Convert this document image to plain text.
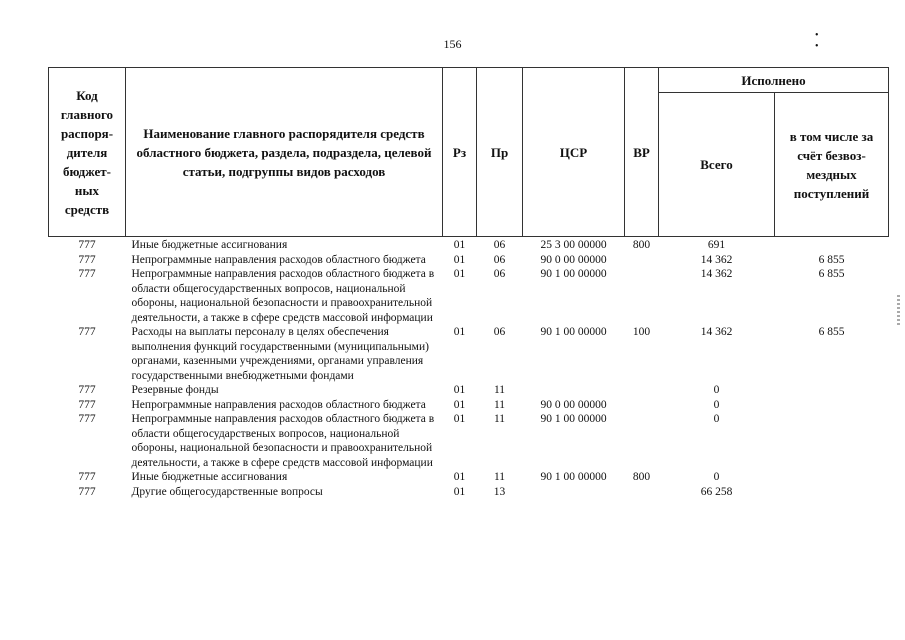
156
• •
Код главного распоря-дителя бюджет-ных средств	Наименование главного распорядителя средств областного бюджета, раздела, подраздела, целевой статьи, подгруппы видов расходов	Рз	Пр	ЦСР	ВР	Исполнено	
						Всего	в том числе за счёт безвоз-мездных поступлений
777	Иные бюджетные ассигнования	01	06	25 3 00 00000	800	691	
777	Непрограммные направления расходов областного бюджета	01	06	90 0 00 00000		14 362	6 855
777	Непрограммные направления расходов областного бюджета в области общегосударственных вопросов, национальной обороны, национальной безопасности и правоохранительной деятельности, а также в сфере средств массовой информации	01	06	90 1 00 00000		14 362	6 855
777	Расходы на выплаты персоналу в целях обеспечения выполнения функций государственными (муниципальными) органами, казенными учреждениями, органами управления государственными внебюджетными фондами	01	06	90 1 00 00000	100	14 362	6 855
777	Резервные фонды	01	11			0	
777	Непрограммные направления расходов областного бюджета	01	11	90 0 00 00000		0	
777	Непрограммные направления расходов областного бюджета в области общегосударственых вопросов, национальной обороны, национальной безопасности и правоохранительной деятельности, а также в сфере средств массовой информации	01	11	90 1 00 00000		0	
777	Иные бюджетные ассигнования	01	11	90 1 00 00000	800	0	
777	Другие общегосударственные вопросы	01	13			66 258	
